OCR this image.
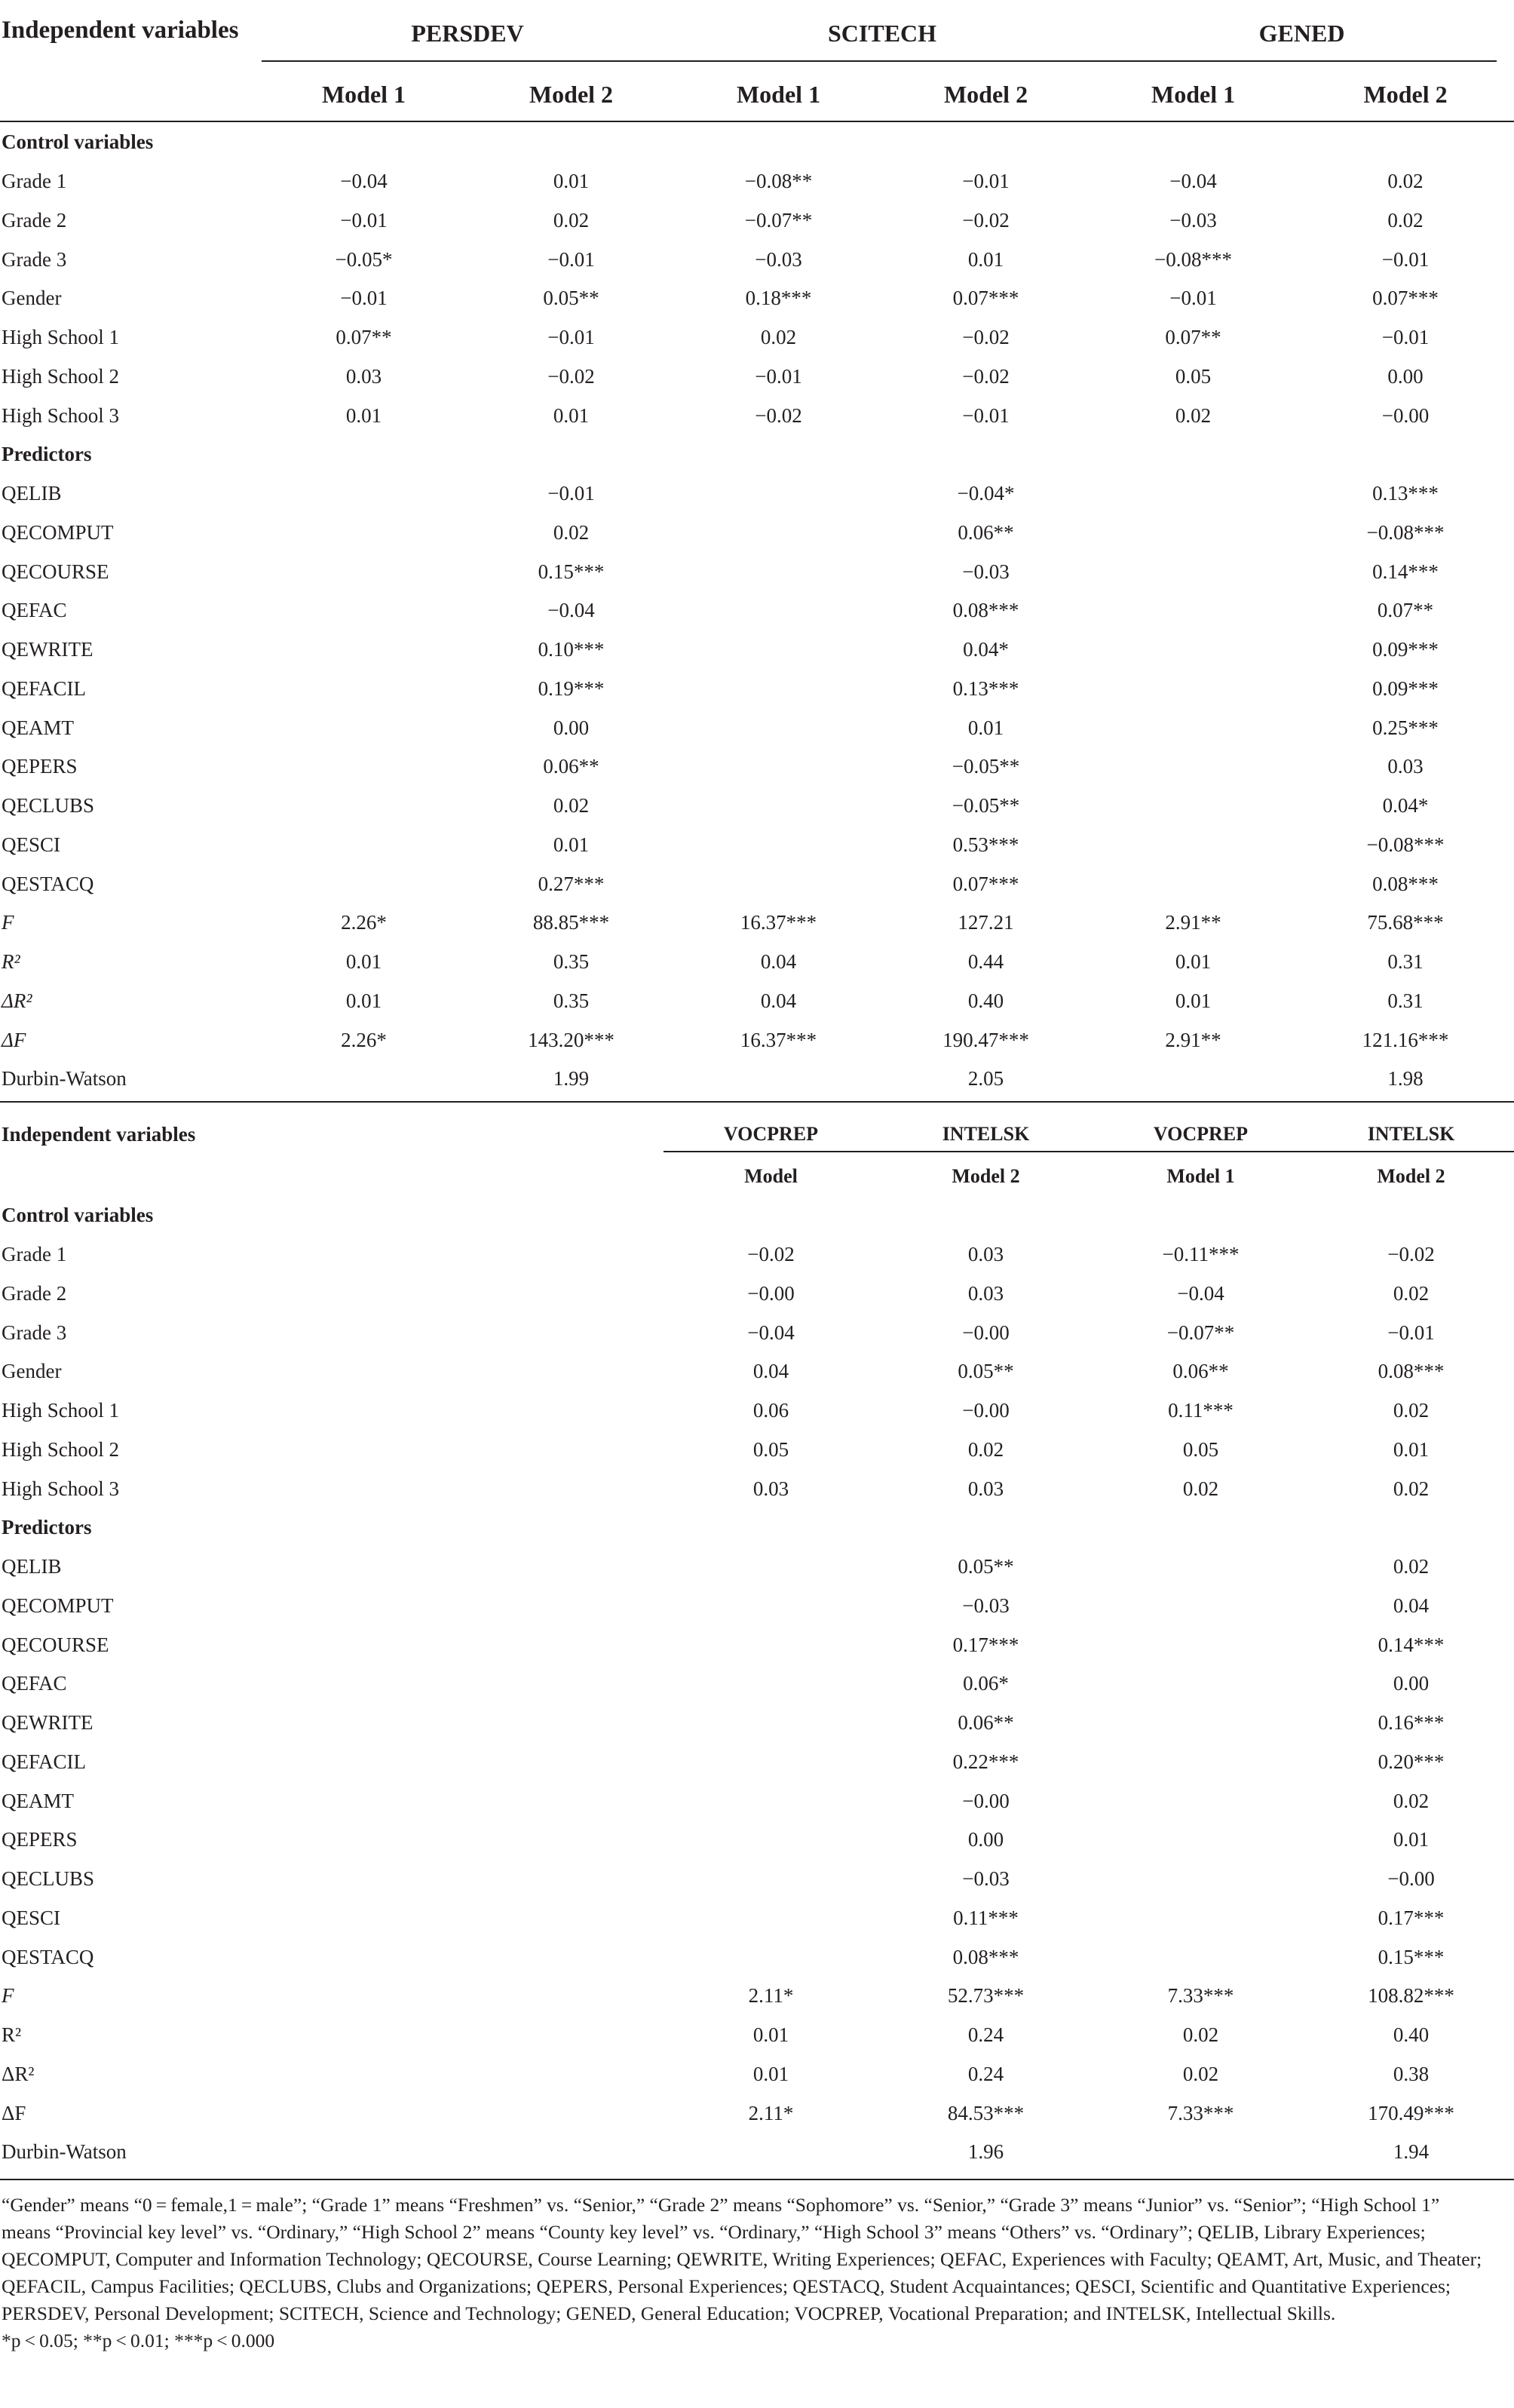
Independent variables	PERSDEV		SCITECH		GENED	
	Model 1	Model 2	Model 1	Model 2	Model 1	Model 2
Control variables						
Grade 1	−0.04	0.01	−0.08**	−0.01	−0.04	0.02
Grade 2	−0.01	0.02	−0.07**	−0.02	−0.03	0.02
Grade 3	−0.05*	−0.01	−0.03	0.01	−0.08***	−0.01
Gender	−0.01	0.05**	0.18***	0.07***	−0.01	0.07***
High School 1	0.07**	−0.01	0.02	−0.02	0.07**	−0.01
High School 2	0.03	−0.02	−0.01	−0.02	0.05	0.00
High School 3	0.01	0.01	−0.02	−0.01	0.02	−0.00
Predictors						
QELIB		−0.01		−0.04*		0.13***
QECOMPUT		0.02		0.06**		−0.08***
QECOURSE		0.15***		−0.03		0.14***
QEFAC		−0.04		0.08***		0.07**
QEWRITE		0.10***		0.04*		0.09***
QEFACIL		0.19***		0.13***		0.09***
QEAMT		0.00		0.01		0.25***
QEPERS		0.06**		−0.05**		0.03
QECLUBS		0.02		−0.05**		0.04*
QESCI		0.01		0.53***		−0.08***
QESTACQ		0.27***		0.07***		0.08***
F	2.26*	88.85***	16.37***	127.21	2.91**	75.68***
R²	0.01	0.35	0.04	0.44	0.01	0.31
ΔR²	0.01	0.35	0.04	0.40	0.01	0.31
ΔF	2.26*	143.20***	16.37***	190.47***	2.91**	121.16***
Durbin-Watson		1.99		2.05		1.98
Independent variables	VOCPREP	INTELSK	VOCPREP	INTELSK
	Model	Model 2	Model 1	Model 2
Control variables				
Grade 1	−0.02	0.03	−0.11***	−0.02
Grade 2	−0.00	0.03	−0.04	0.02
Grade 3	−0.04	−0.00	−0.07**	−0.01
Gender	0.04	0.05**	0.06**	0.08***
High School 1	0.06	−0.00	0.11***	0.02
High School 2	0.05	0.02	0.05	0.01
High School 3	0.03	0.03	0.02	0.02
Predictors				
QELIB		0.05**		0.02
QECOMPUT		−0.03		0.04
QECOURSE		0.17***		0.14***
QEFAC		0.06*		0.00
QEWRITE		0.06**		0.16***
QEFACIL		0.22***		0.20***
QEAMT		−0.00		0.02
QEPERS		0.00		0.01
QECLUBS		−0.03		−0.00
QESCI		0.11***		0.17***
QESTACQ		0.08***		0.15***
F	2.11*	52.73***	7.33***	108.82***
R²	0.01	0.24	0.02	0.40
ΔR²	0.01	0.24	0.02	0.38
ΔF	2.11*	84.53***	7.33***	170.49***
Durbin-Watson		1.96		1.94

“Gender” means “0 = female,1 = male”; “Grade 1” means “Freshmen” vs. “Senior,” “Grade 2” means “Sophomore” vs. “Senior,” “Grade 3” means “Junior” vs. “Senior”; “High School 1” means “Provincial key level” vs. “Ordinary,” “High School 2” means “County key level” vs. “Ordinary,” “High School 3” means “Others” vs. “Ordinary”; QELIB, Library Experiences; QECOMPUT, Computer and Information Technology; QECOURSE, Course Learning; QEWRITE, Writing Experiences; QEFAC, Experiences with Faculty; QEAMT, Art, Music, and Theater; QEFACIL, Campus Facilities; QECLUBS, Clubs and Organizations; QEPERS, Personal Experiences; QESTACQ, Student Acquaintances; QESCI, Scientific and Quantitative Experiences; PERSDEV, Personal Development; SCITECH, Science and Technology; GENED, General Education; VOCPREP, Vocational Preparation; and INTELSK, Intellectual Skills.

*p < 0.05; **p < 0.01; ***p < 0.000
